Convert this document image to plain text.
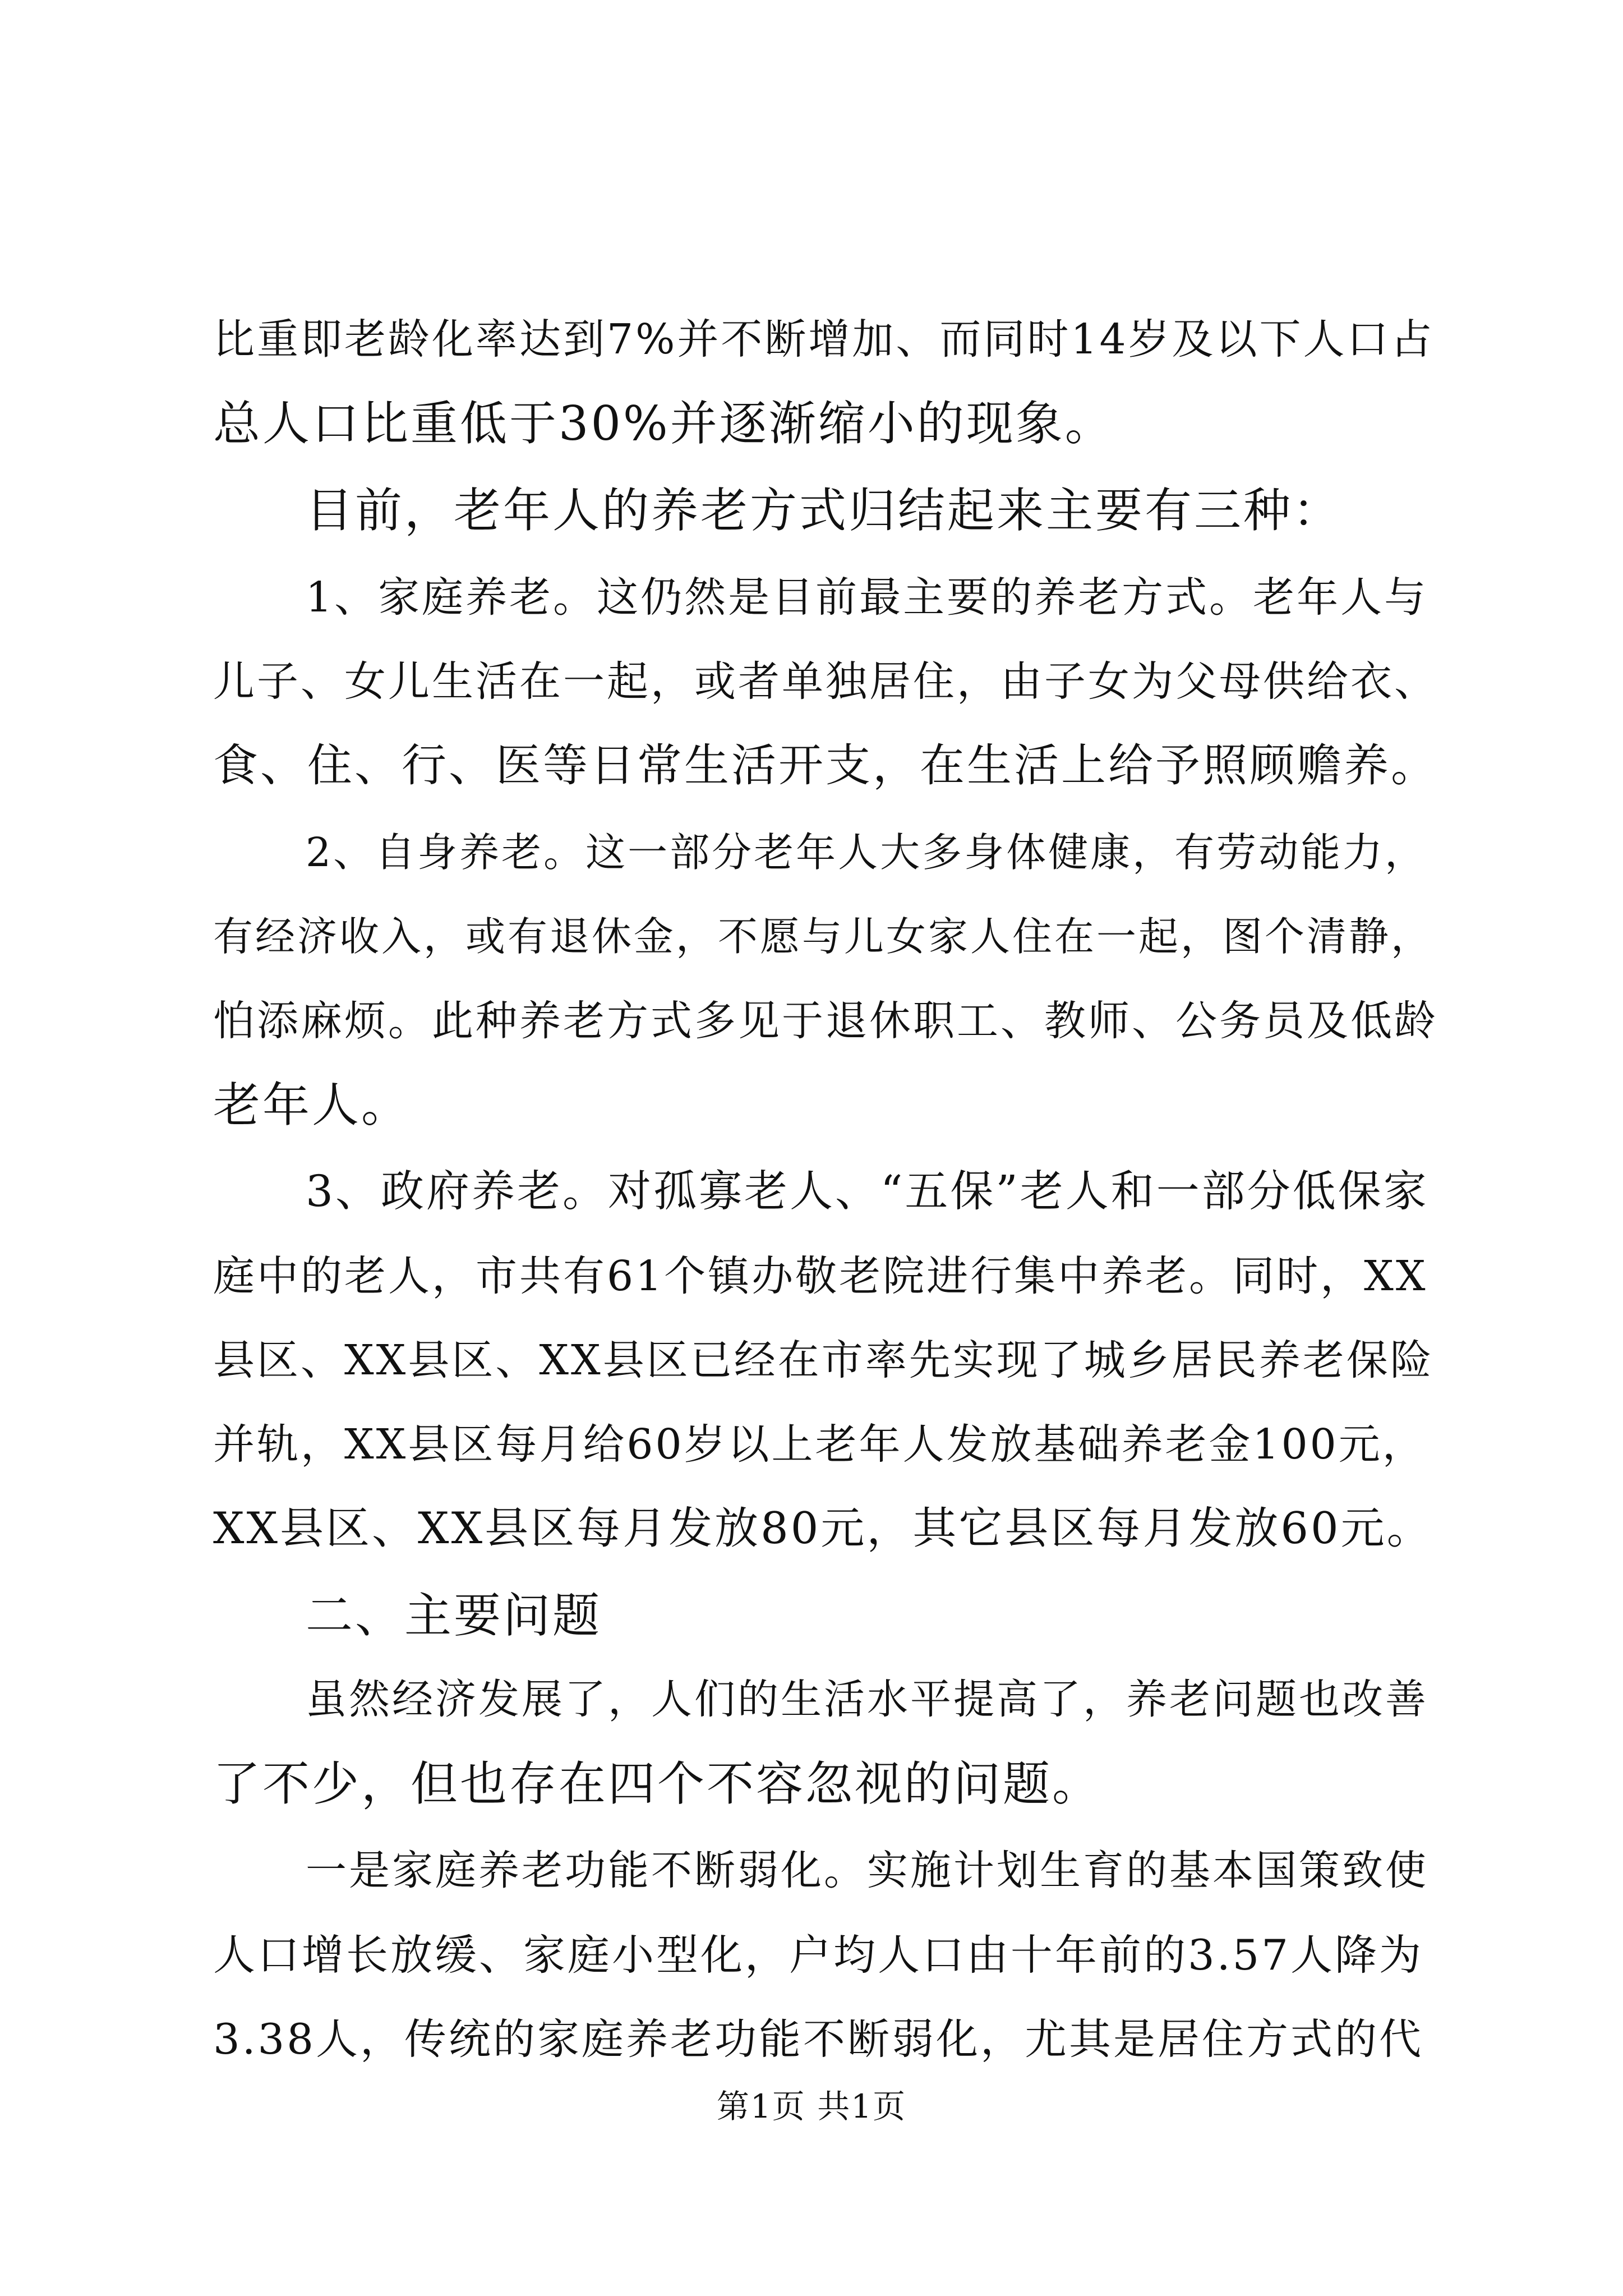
比重即老龄化率达到7%并不断增加、而同时14岁及以下人口占
总人口比重低于30%并逐渐缩小的现象。
目前，老年人的养老方式归结起来主要有三种：
1、家庭养老。这仍然是目前最主要的养老方式。老年人与
儿子、女儿生活在一起，或者单独居住，由子女为父母供给衣、
食、住、行、医等日常生活开支，在生活上给予照顾赡养。
2、自身养老。这一部分老年人大多身体健康，有劳动能力，
有经济收入，或有退休金，不愿与儿女家人住在一起，图个清静，
怕添麻烦。此种养老方式多见于退休职工、教师、公务员及低龄
老年人。
3、政府养老。对孤寡老人、“五保”老人和一部分低保家
庭中的老人，市共有61个镇办敬老院进行集中养老。同时，XX
县区、XX县区、XX县区已经在市率先实现了城乡居民养老保险
并轨，XX县区每月给60岁以上老年人发放基础养老金100元，
XX县区、XX县区每月发放80元，其它县区每月发放60元。
二、主要问题
虽然经济发展了，人们的生活水平提高了，养老问题也改善
了不少，但也存在四个不容忽视的问题。
一是家庭养老功能不断弱化。实施计划生育的基本国策致使
人口增长放缓、家庭小型化，户均人口由十年前的3.57人降为
3.38人，传统的家庭养老功能不断弱化，尤其是居住方式的代
第1页 共1页
